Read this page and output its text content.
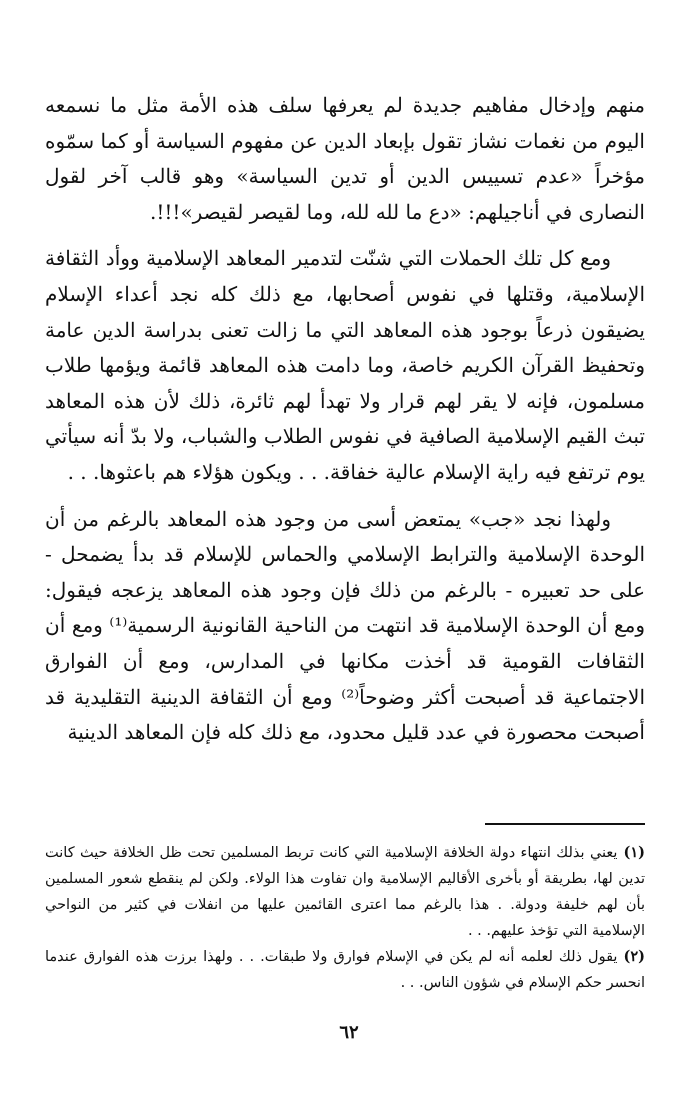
منهم وإدخال مفاهيم جديدة لم يعرفها سلف هذه الأمة مثل ما نسمعه اليوم من نغمات نشاز تقول بإبعاد الدين عن مفهوم السياسة أو كما سمّوه مؤخراً «عدم تسييس الدين أو تدين السياسة» وهو قالب آخر لقول النصارى في أناجيلهم: «دع ما لله لله، وما لقيصر لقيصر»!!!.

ومع كل تلك الحملات التي شنّت لتدمير المعاهد الإسلامية ووأد الثقافة الإسلامية، وقتلها في نفوس أصحابها، مع ذلك كله نجد أعداء الإسلام يضيقون ذرعاً بوجود هذه المعاهد التي ما زالت تعنى بدراسة الدين عامة وتحفيظ القرآن الكريم خاصة، وما دامت هذه المعاهد قائمة ويؤمها طلاب مسلمون، فإنه لا يقر لهم قرار ولا تهدأ لهم ثائرة، ذلك لأن هذه المعاهد تبث القيم الإسلامية الصافية في نفوس الطلاب والشباب، ولا بدّ أنه سيأتي يوم ترتفع فيه راية الإسلام عالية خفاقة. . . ويكون هؤلاء هم باعثوها. . .

ولهذا نجد «جب» يمتعض أسى من وجود هذه المعاهد بالرغم من أن الوحدة الإسلامية والترابط الإسلامي والحماس للإسلام قد بدأ يضمحل - على حد تعبيره - بالرغم من ذلك فإن وجود هذه المعاهد يزعجه فيقول: ومع أن الوحدة الإسلامية قد انتهت من الناحية القانونية الرسمية⁽¹⁾ ومع أن الثقافات القومية قد أخذت مكانها في المدارس، ومع أن الفوارق الاجتماعية قد أصبحت أكثر وضوحاً⁽²⁾ ومع أن الثقافة الدينية التقليدية قد أصبحت محصورة في عدد قليل محدود، مع ذلك كله فإن المعاهد الدينية

(١)يعني بذلك انتهاء دولة الخلافة الإسلامية التي كانت تربط المسلمين تحت ظل الخلافة حيث كانت تدين لها، بطريقة أو بأخرى الأقاليم الإسلامية وان تفاوت هذا الولاء. ولكن لم ينقطع شعور المسلمين بأن لهم خليفة ودولة. . هذا بالرغم مما اعترى القائمين عليها من انفلات في كثير من النواحي الإسلامية التي تؤخذ عليهم. . .

(٢)يقول ذلك لعلمه أنه لم يكن في الإسلام فوارق ولا طبقات. . . ولهذا برزت هذه الفوارق عندما انحسر حكم الإسلام في شؤون الناس. . .

٦٢
